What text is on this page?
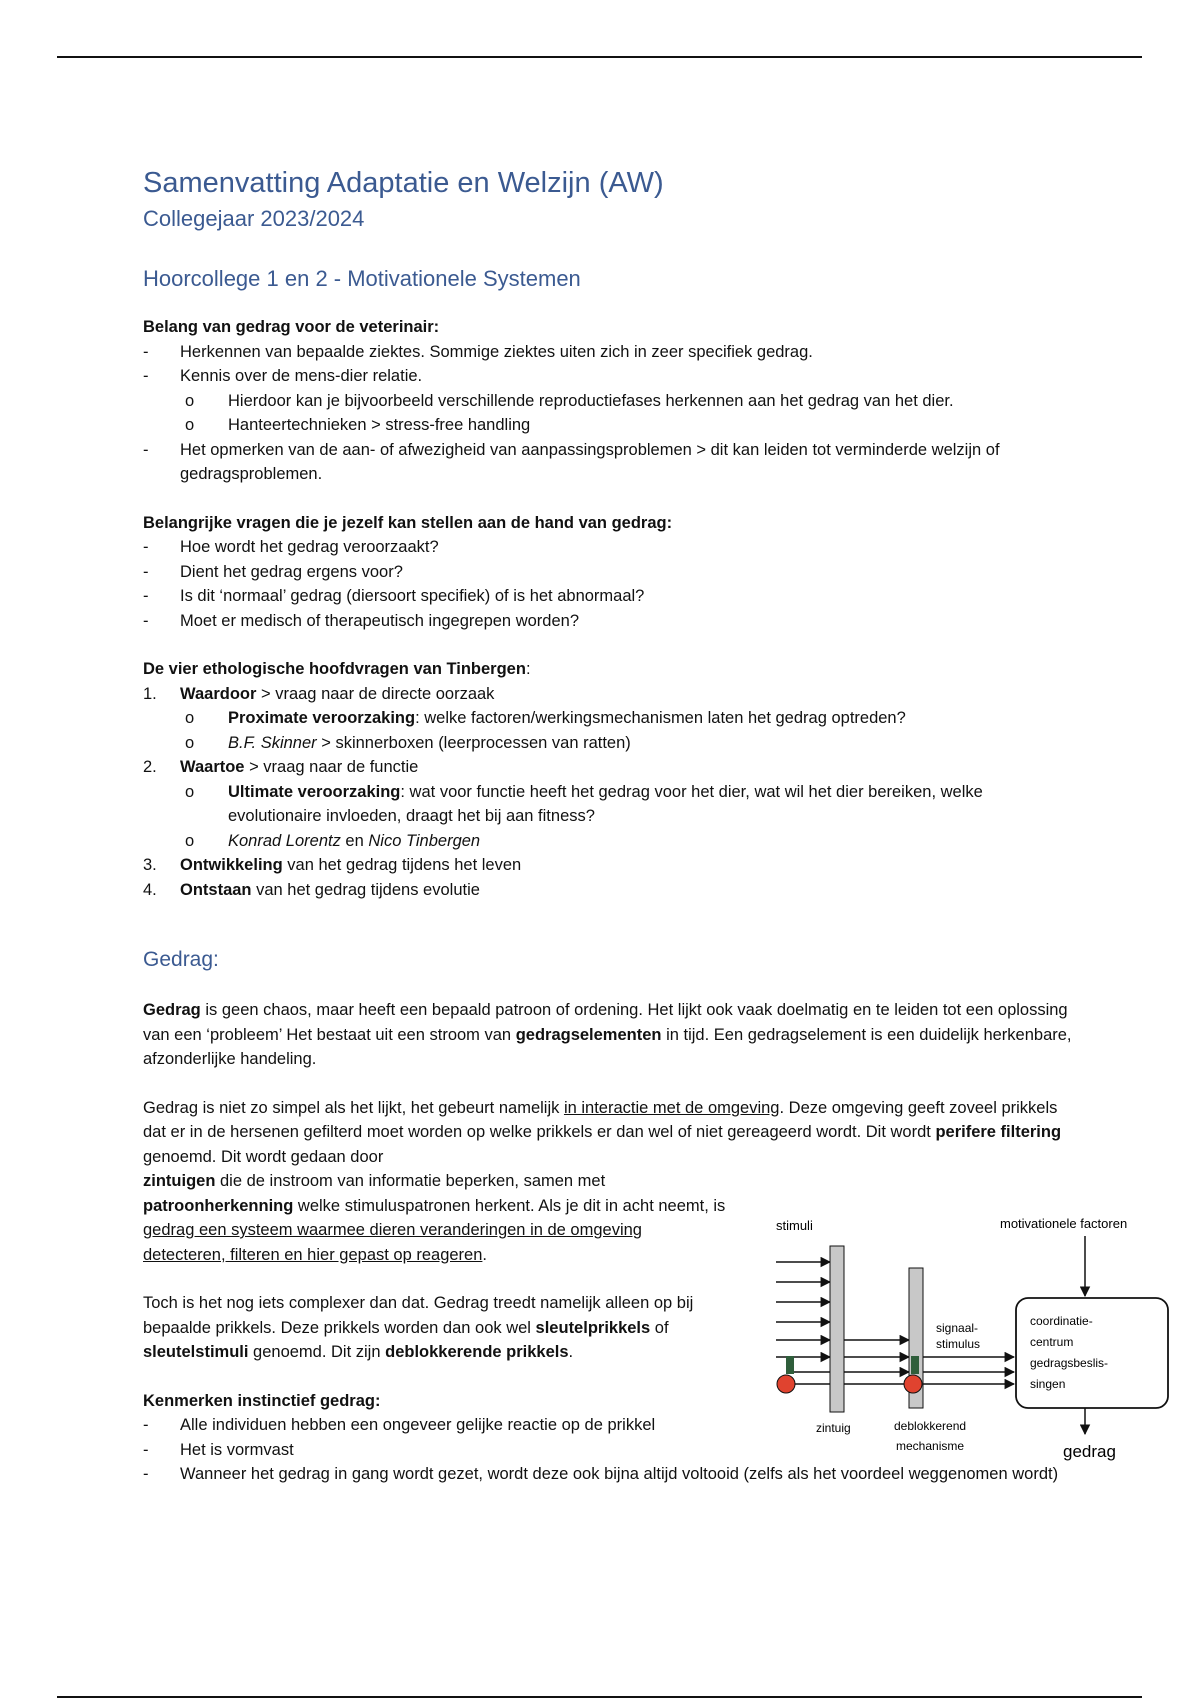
Samenvatting Adaptatie en Welzijn (AW)
Collegejaar 2023/2024
Hoorcollege 1 en 2 - Motivationele Systemen
Belang van gedrag voor de veterinair:
-	Herkennen van bepaalde ziektes. Sommige ziektes uiten zich in zeer specifiek gedrag.
-	Kennis over de mens-dier relatie.
o	Hierdoor kan je bijvoorbeeld verschillende reproductiefases herkennen aan het gedrag van het dier.
o	Hanteertechnieken > stress-free handling
-	Het opmerken van de aan- of afwezigheid van aanpassingsproblemen > dit kan leiden tot verminderde welzijn of gedragsproblemen.
Belangrijke vragen die je jezelf kan stellen aan de hand van gedrag:
-	Hoe wordt het gedrag veroorzaakt?
-	Dient het gedrag ergens voor?
-	Is dit ‘normaal’ gedrag (diersoort specifiek) of is het abnormaal?
-	Moet er medisch of therapeutisch ingegrepen worden?
De vier ethologische hoofdvragen van Tinbergen:
1.	Waardoor > vraag naar de directe oorzaak
o	Proximate veroorzaking: welke factoren/werkingsmechanismen laten het gedrag optreden?
o	B.F. Skinner > skinnerboxen (leerprocessen van ratten)
2.	Waartoe > vraag naar de functie
o	Ultimate veroorzaking: wat voor functie heeft het gedrag voor het dier, wat wil het dier bereiken, welke evolutionaire invloeden, draagt het bij aan fitness?
o	Konrad Lorentz en Nico Tinbergen
3.	Ontwikkeling van het gedrag tijdens het leven
4.	Ontstaan van het gedrag tijdens evolutie
Gedrag:

Gedrag is geen chaos, maar heeft een bepaald patroon of ordening. Het lijkt ook vaak doelmatig en te leiden tot een oplossing van een ‘probleem’ Het bestaat uit een stroom van gedragselementen in tijd. Een gedragselement is een duidelijk herkenbare, afzonderlijke handeling.

Gedrag is niet zo simpel als het lijkt, het gebeurt namelijk in interactie met de omgeving. Deze omgeving geeft zoveel prikkels dat er in de hersenen gefilterd moet worden op welke prikkels er dan wel of niet gereageerd wordt. Dit wordt perifere filtering genoemd. Dit wordt gedaan door
zintuigen die de instroom van informatie beperken, samen met patroonherkenning welke stimuluspatronen herkent. Als je dit in acht neemt, is gedrag een systeem waarmee dieren veranderingen in de omgeving detecteren, filteren en hier gepast op reageren.

Toch is het nog iets complexer dan dat. Gedrag treedt namelijk alleen op bij bepaalde prikkels. Deze prikkels worden dan ook wel sleutelprikkels of sleutelstimuli genoemd. Dit zijn deblokkerende prikkels.

Kenmerken instinctief gedrag:
-	Alle individuen hebben een ongeveer gelijke reactie op de prikkel
-	Het is vormvast
-	Wanneer het gedrag in gang wordt gezet, wordt deze ook bijna altijd voltooid (zelfs als het voordeel weggenomen wordt)
stimuli	motivationele factoren
signaal-
stimulus
coordinatie-
centrum
gedragsbeslis-
singen
zintuig	deblokkerend
mechanisme	gedrag
